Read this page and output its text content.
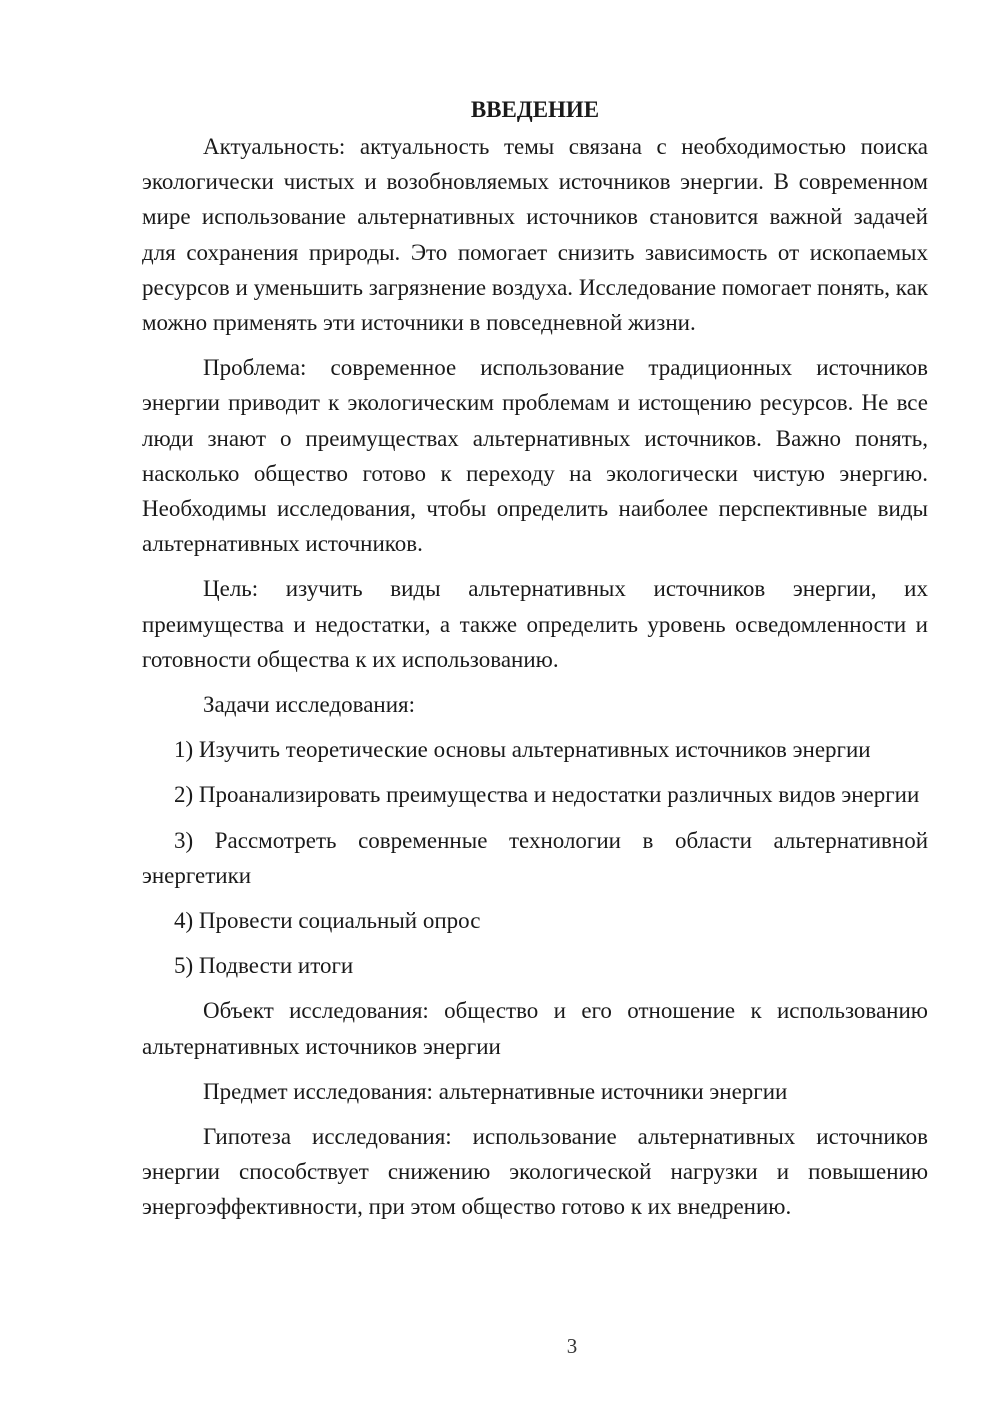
ВВЕДЕНИЕ

Актуальность: актуальность темы связана с необходимостью поиска экологически чистых и возобновляемых источников энергии. В современном мире использование альтернативных источников становится важной задачей для сохранения природы. Это помогает снизить зависимость от ископаемых ресурсов и уменьшить загрязнение воздуха. Исследование помогает понять, как можно применять эти источники в повседневной жизни.

Проблема: современное использование традиционных источников энергии приводит к экологическим проблемам и истощению ресурсов. Не все люди знают о преимуществах альтернативных источников. Важно понять, насколько общество готово к переходу на экологически чистую энергию. Необходимы исследования, чтобы определить наиболее перспективные виды альтернативных источников.

Цель: изучить виды альтернативных источников энергии, их преимущества и недостатки, а также определить уровень осведомленности и готовности общества к их использованию.

Задачи исследования:

1) Изучить теоретические основы альтернативных источников энергии

2) Проанализировать преимущества и недостатки различных видов энергии

3) Рассмотреть современные технологии в области альтернативной энергетики

4) Провести социальный опрос

5) Подвести итоги

Объект исследования: общество и его отношение к использованию альтернативных источников энергии

Предмет исследования: альтернативные источники энергии

Гипотеза исследования: использование альтернативных источников энергии способствует снижению экологической нагрузки и повышению энергоэффективности, при этом общество готово к их внедрению.

3
